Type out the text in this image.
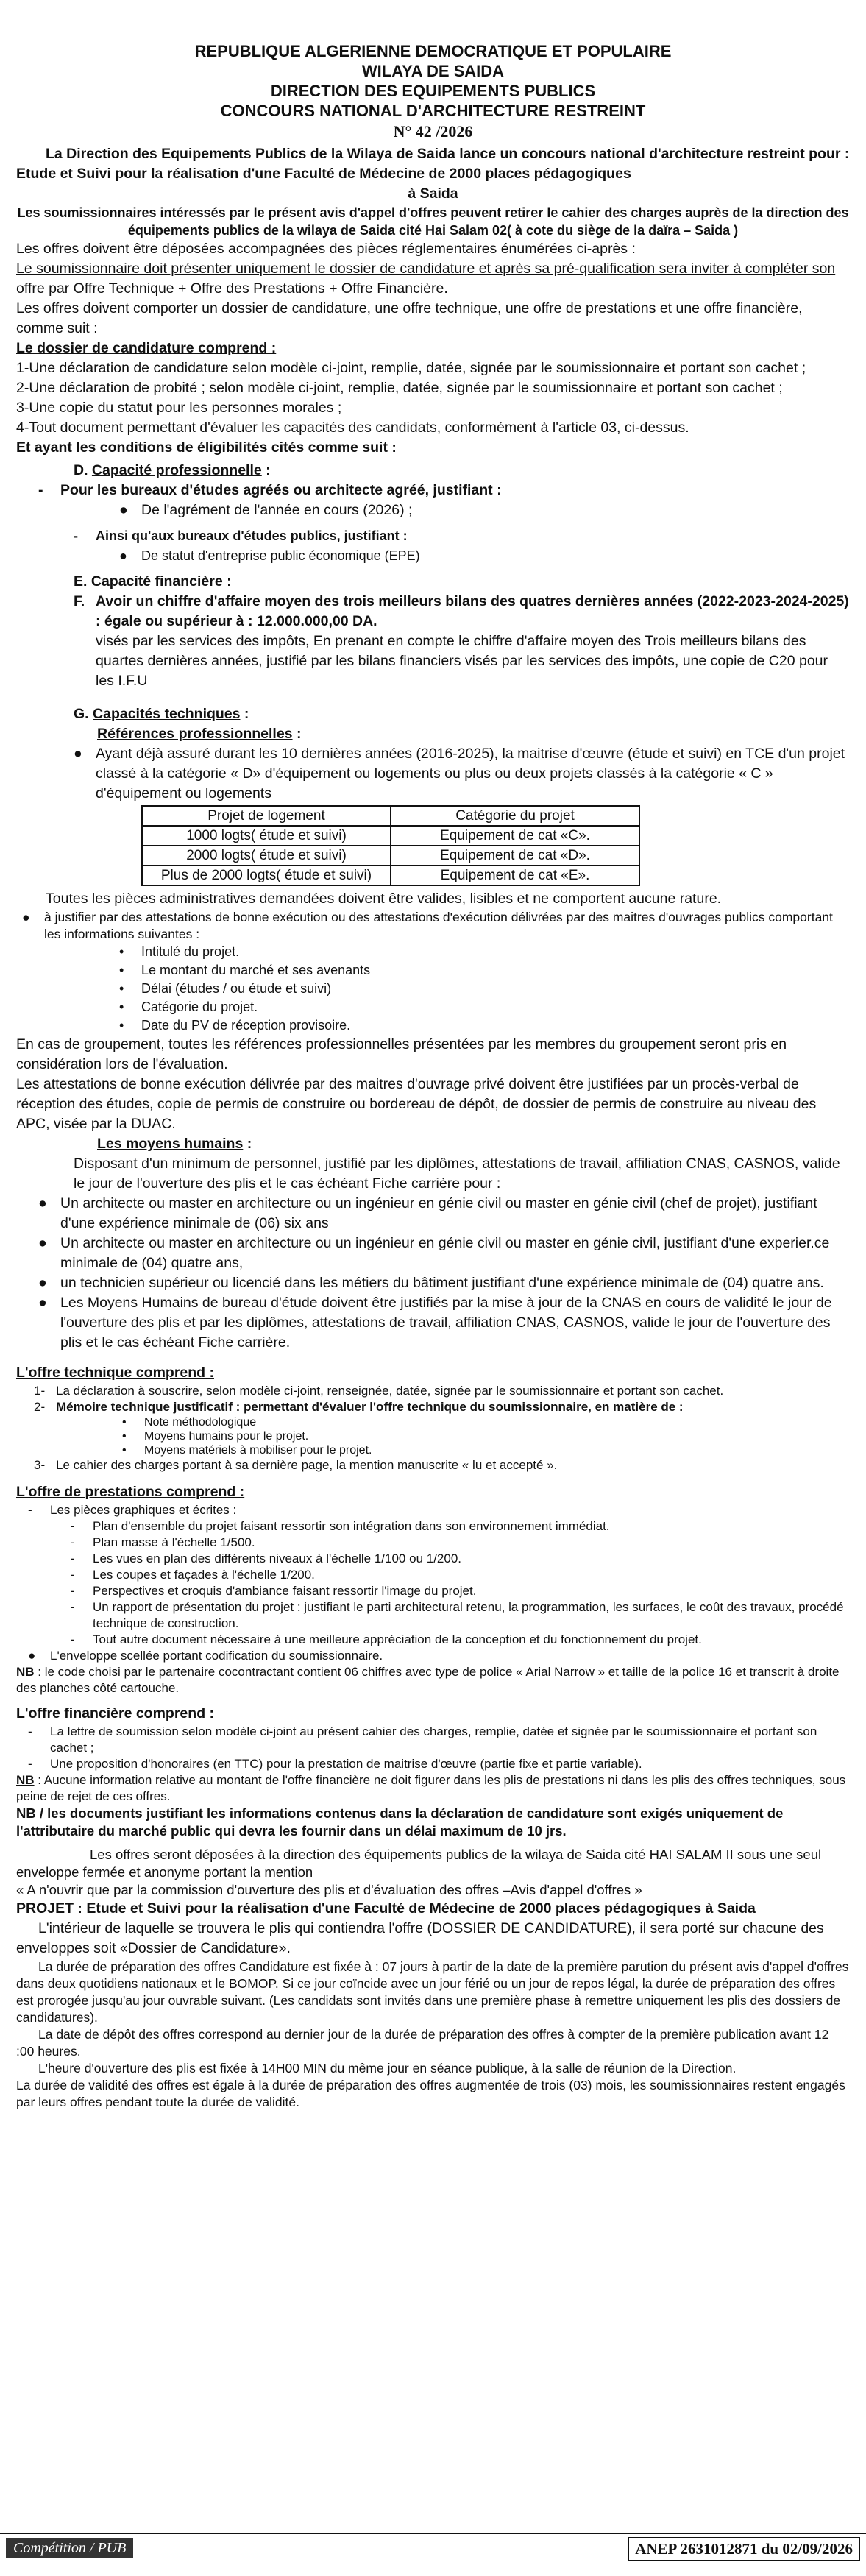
REPUBLIQUE ALGERIENNE DEMOCRATIQUE ET POPULAIRE
WILAYA DE SAIDA
DIRECTION DES EQUIPEMENTS PUBLICS
CONCOURS NATIONAL D'ARCHITECTURE RESTREINT
N° 42 /2026

La Direction des Equipements Publics de la Wilaya de Saida lance un concours national d'architecture restreint pour : Etude et Suivi pour la réalisation d'une Faculté de Médecine de 2000 places pédagogiques

à Saida

Les soumissionnaires intéressés par le présent avis d'appel d'offres peuvent retirer le cahier des charges auprès de la direction des équipements publics de la wilaya de Saida cité Hai Salam 02( à cote du siège de la daïra – Saida )

Les offres doivent être déposées accompagnées des pièces réglementaires énumérées ci-après :

Le soumissionnaire doit présenter uniquement le dossier de candidature et après sa pré-qualification sera inviter à compléter son offre par Offre Technique + Offre des Prestations + Offre Financière.

Les offres doivent comporter un dossier de candidature, une offre technique, une offre de prestations et une offre financière, comme suit :

Le dossier de candidature comprend :

1-Une déclaration de candidature selon modèle ci-joint, remplie, datée, signée par le soumissionnaire et portant son cachet ;

2-Une déclaration de probité ; selon modèle ci-joint, remplie, datée, signée par le soumissionnaire et portant son cachet ;

3-Une copie du statut pour les personnes morales ;

4-Tout document permettant d'évaluer les capacités des candidats, conformément à l'article 03, ci-dessus.

Et ayant les conditions de éligibilités cités comme suit :

D. Capacité professionnelle :

-	Pour les bureaux d'études agréés ou architecte agréé, justifiant :
● De l'agrément de l'année en cours (2026) ;
-	Ainsi qu'aux bureaux d'études publics, justifiant :
●	De statut d'entreprise public économique (EPE)

E. Capacité financière :

F. Avoir un chiffre d'affaire moyen des trois meilleurs bilans des quatres dernières années (2022-2023-2024-2025) : égale ou supérieur à : 12.000.000,00 DA.
visés par les services des impôts, En prenant en compte le chiffre d'affaire moyen des Trois meilleurs bilans des quartes dernières années, justifié par les bilans financiers visés par les services des impôts, une copie de C20 pour les I.F.U

G. Capacités techniques :

Références professionnelles :

● Ayant déjà assuré durant les 10 dernières années (2016-2025), la maitrise d'œuvre (étude et suivi) en TCE d'un projet classé à la catégorie « D» d'équipement ou logements ou plus ou deux projets classés à la catégorie « C » d'équipement ou logements
Projet de logement	Catégorie du projet
1000 logts( étude et suivi)	Equipement de cat «C».
2000 logts( étude et suivi)	Equipement de cat «D».
Plus de 2000 logts( étude et suivi)	Equipement de cat «E».

Toutes les pièces administratives demandées doivent être valides, lisibles et ne comportent aucune rature.

●	à justifier par des attestations de bonne exécution ou des attestations d'exécution délivrées par des maitres d'ouvrages publics comportant les informations suivantes :
•	Intitulé du projet.
•	Le montant du marché et ses avenants
•	Délai (études / ou étude et suivi)
•	Catégorie du projet.
•	Date du PV de réception provisoire.

En cas de groupement, toutes les références professionnelles présentées par les membres du groupement seront pris en considération lors de l'évaluation.

Les attestations de bonne exécution délivrée par des maitres d'ouvrage privé doivent être justifiées par un procès-verbal de réception des études, copie de permis de construire ou bordereau de dépôt, de dossier de permis de construire au niveau des APC, visée par la DUAC.

Les moyens humains :

Disposant d'un minimum de personnel, justifié par les diplômes, attestations de travail, affiliation CNAS, CASNOS, valide le jour de l'ouverture des plis et le cas échéant Fiche carrière pour :

● Un architecte ou master en architecture ou un ingénieur en génie civil ou master en génie civil (chef de projet), justifiant d'une expérience minimale de (06) six ans
● Un architecte ou master en architecture ou un ingénieur en génie civil ou master en génie civil, justifiant d'une experier.ce minimale de (04) quatre ans,
● un technicien supérieur ou licencié dans les métiers du bâtiment justifiant d'une expérience minimale de (04) quatre ans.
● Les Moyens Humains de bureau d'étude doivent être justifiés par la mise à jour de la CNAS en cours de validité le jour de l'ouverture des plis et par les diplômes, attestations de travail, affiliation CNAS, CASNOS, valide le jour de l'ouverture des plis et le cas échéant Fiche carrière.

L'offre technique comprend :

1- La déclaration à souscrire, selon modèle ci-joint, renseignée, datée, signée par le soumissionnaire et portant son cachet.
2- Mémoire technique justificatif : permettant d'évaluer l'offre technique du soumissionnaire, en matière de :
•	Note méthodologique
•	Moyens humains pour le projet.
•	Moyens matériels à mobiliser pour le projet.
3- Le cahier des charges portant à sa dernière page, la mention manuscrite « lu et accepté ».

L'offre de prestations comprend :

-	Les pièces graphiques et écrites :
-	Plan d'ensemble du projet faisant ressortir son intégration dans son environnement immédiat.
-	Plan masse à l'échelle 1/500.
-	Les vues en plan des différents niveaux à l'échelle 1/100 ou 1/200.
-	Les coupes et façades à l'échelle 1/200.
-	Perspectives et croquis d'ambiance faisant ressortir l'image du projet.
-	Un rapport de présentation du projet : justifiant le parti architectural retenu, la programmation, les surfaces, le coût des travaux, procédé technique de construction.
-	Tout autre document nécessaire à une meilleure appréciation de la conception et du fonctionnement du projet.
●	L'enveloppe scellée portant codification du soumissionnaire.

NB : le code choisi par le partenaire cocontractant contient 06 chiffres avec type de police « Arial Narrow » et taille de la police 16 et transcrit à droite des planches côté cartouche.

L'offre financière comprend :

-	La lettre de soumission selon modèle ci-joint au présent cahier des charges, remplie, datée et signée par le soumissionnaire et portant son cachet ;
-	Une proposition d'honoraires (en TTC) pour la prestation de maitrise d'œuvre (partie fixe et partie variable).

NB : Aucune information relative au montant de l'offre financière ne doit figurer dans les plis de prestations ni dans les plis des offres techniques, sous peine de rejet de ces offres.

NB / les documents justifiant les informations contenus dans la déclaration de candidature sont exigés uniquement de l'attributaire du marché public qui devra les fournir dans un délai maximum de 10 jrs.

Les offres seront déposées à la direction des équipements publics de la wilaya de Saida cité HAI SALAM II sous une seul enveloppe fermée et anonyme portant la mention

« A n'ouvrir que par la commission d'ouverture des plis et d'évaluation des offres –Avis d'appel d'offres »

PROJET : Etude et Suivi pour la réalisation d'une Faculté de Médecine de 2000 places pédagogiques à Saida

L'intérieur de laquelle se trouvera le plis qui contiendra l'offre (DOSSIER DE CANDIDATURE), il sera porté sur chacune des enveloppes soit «Dossier de Candidature».

La durée de préparation des offres Candidature est fixée à : 07 jours à partir de la date de la première parution du présent avis d'appel d'offres dans deux quotidiens nationaux et le BOMOP. Si ce jour coïncide avec un jour férié ou un jour de repos légal, la durée de préparation des offres est prorogée jusqu'au jour ouvrable suivant. (Les candidats sont invités dans une première phase à remettre uniquement les plis des dossiers de candidatures).

La date de dépôt des offres correspond au dernier jour de la durée de préparation des offres à compter de la première publication avant 12 :00 heures.

L'heure d'ouverture des plis est fixée à 14H00 MIN du même jour en séance publique, à la salle de réunion de la Direction.

La durée de validité des offres est égale à la durée de préparation des offres augmentée de trois (03) mois, les soumissionnaires restent engagés par leurs offres pendant toute la durée de validité.

Compétition / PUB	ANEP 2631012871 du 02/09/2026
